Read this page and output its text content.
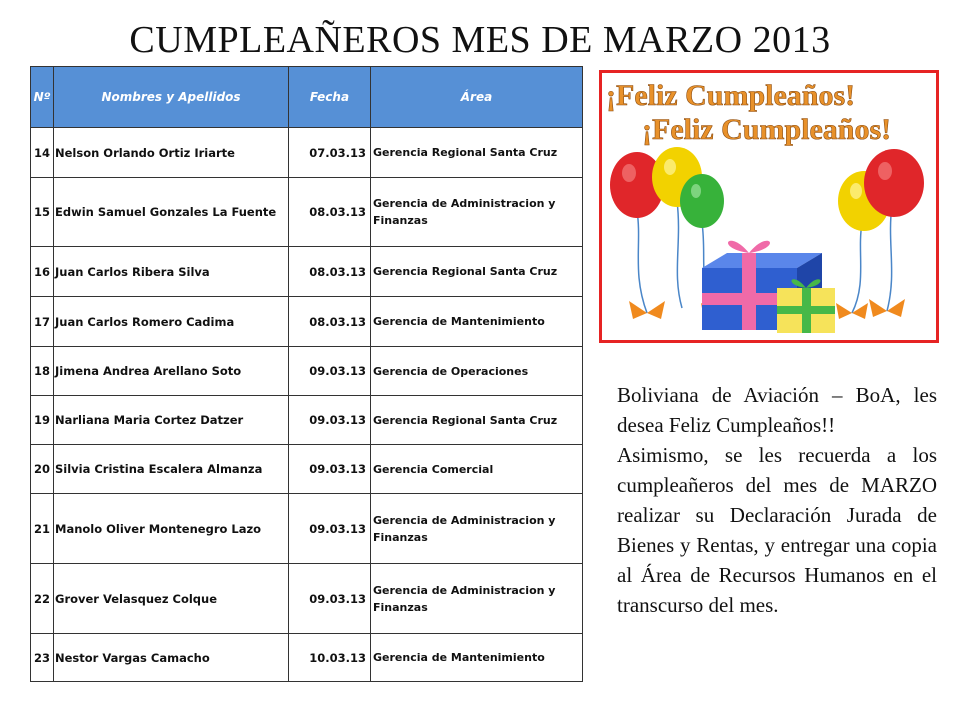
CUMPLEAÑEROS MES DE MARZO 2013
Nº	Nombres y Apellidos	Fecha	Área
14	Nelson Orlando Ortiz Iriarte	07.03.13	Gerencia Regional Santa Cruz
15	Edwin Samuel Gonzales La Fuente	08.03.13	Gerencia de Administracion y Finanzas
16	Juan Carlos Ribera Silva	08.03.13	Gerencia Regional Santa Cruz
17	Juan Carlos Romero Cadima	08.03.13	Gerencia de Mantenimiento
18	Jimena Andrea Arellano Soto	09.03.13	Gerencia de Operaciones
19	Narliana Maria Cortez Datzer	09.03.13	Gerencia Regional Santa Cruz
20	Silvia Cristina Escalera Almanza	09.03.13	Gerencia Comercial
21	Manolo Oliver Montenegro Lazo	09.03.13	Gerencia de Administracion y Finanzas
22	Grover Velasquez Colque	09.03.13	Gerencia de Administracion y Finanzas
23	Nestor Vargas Camacho	10.03.13	Gerencia de Mantenimiento
¡Feliz Cumpleaños!
¡Feliz Cumpleaños!

Boliviana de Aviación – BoA, les desea Feliz Cumpleaños!!

Asimismo, se les recuerda a los cumpleañeros del mes de MARZO realizar su Declaración Jurada de Bienes y Rentas, y entregar una copia al Área de Recursos Humanos en el transcurso del mes.
